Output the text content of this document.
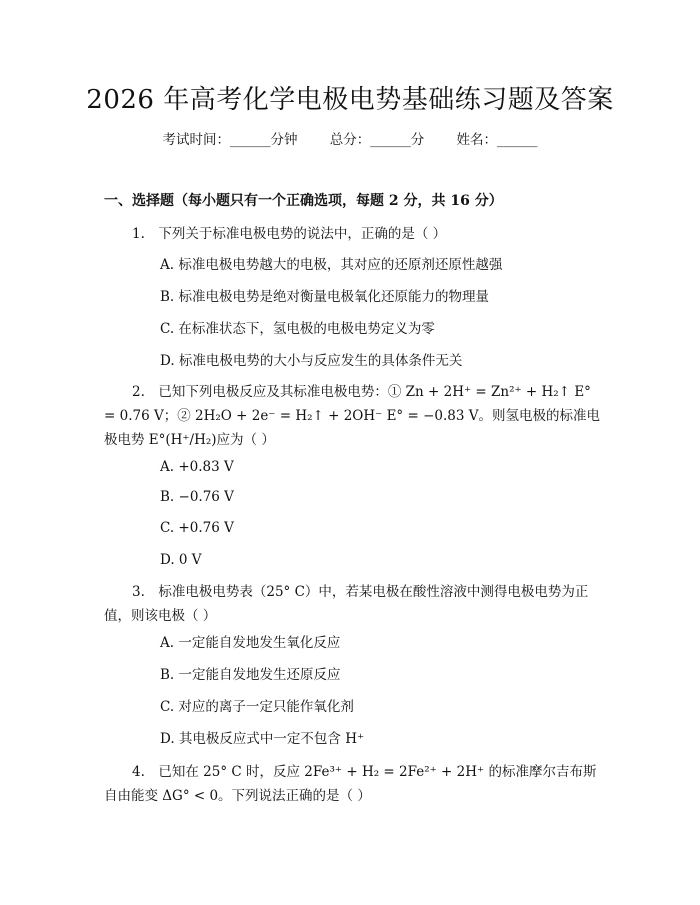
2026 年高考化学电极电势基础练习题及答案
考试时间：______分钟 总分：______分 姓名：______
一、选择题（每小题只有一个正确选项，每题 2 分，共 16 分）
1.　下列关于标准电极电势的说法中，正确的是（ ）
A. 标准电极电势越大的电极，其对应的还原剂还原性越强
B. 标准电极电势是绝对衡量电极氧化还原能力的物理量
C. 在标准状态下，氢电极的电极电势定义为零
D. 标准电极电势的大小与反应发生的具体条件无关
2.　已知下列电极反应及其标准电极电势：① Zn + 2H⁺ = Zn²⁺ + H₂↑ E° = 0.76 V；② 2H₂O + 2e⁻ = H₂↑ + 2OH⁻ E° = −0.83 V。则氢电极的标准电极电势 E°(H⁺/H₂)应为（ ）
A. +0.83 V
B. −0.76 V
C. +0.76 V
D. 0 V
3.　标准电极电势表（25° C）中，若某电极在酸性溶液中测得电极电势为正值，则该电极（ ）
A. 一定能自发地发生氧化反应
B. 一定能自发地发生还原反应
C. 对应的离子一定只能作氧化剂
D. 其电极反应式中一定不包含 H⁺
4.　已知在 25° C 时，反应 2Fe³⁺ + H₂ = 2Fe²⁺ + 2H⁺ 的标准摩尔吉布斯自由能变 ΔG° < 0。下列说法正确的是（ ）
